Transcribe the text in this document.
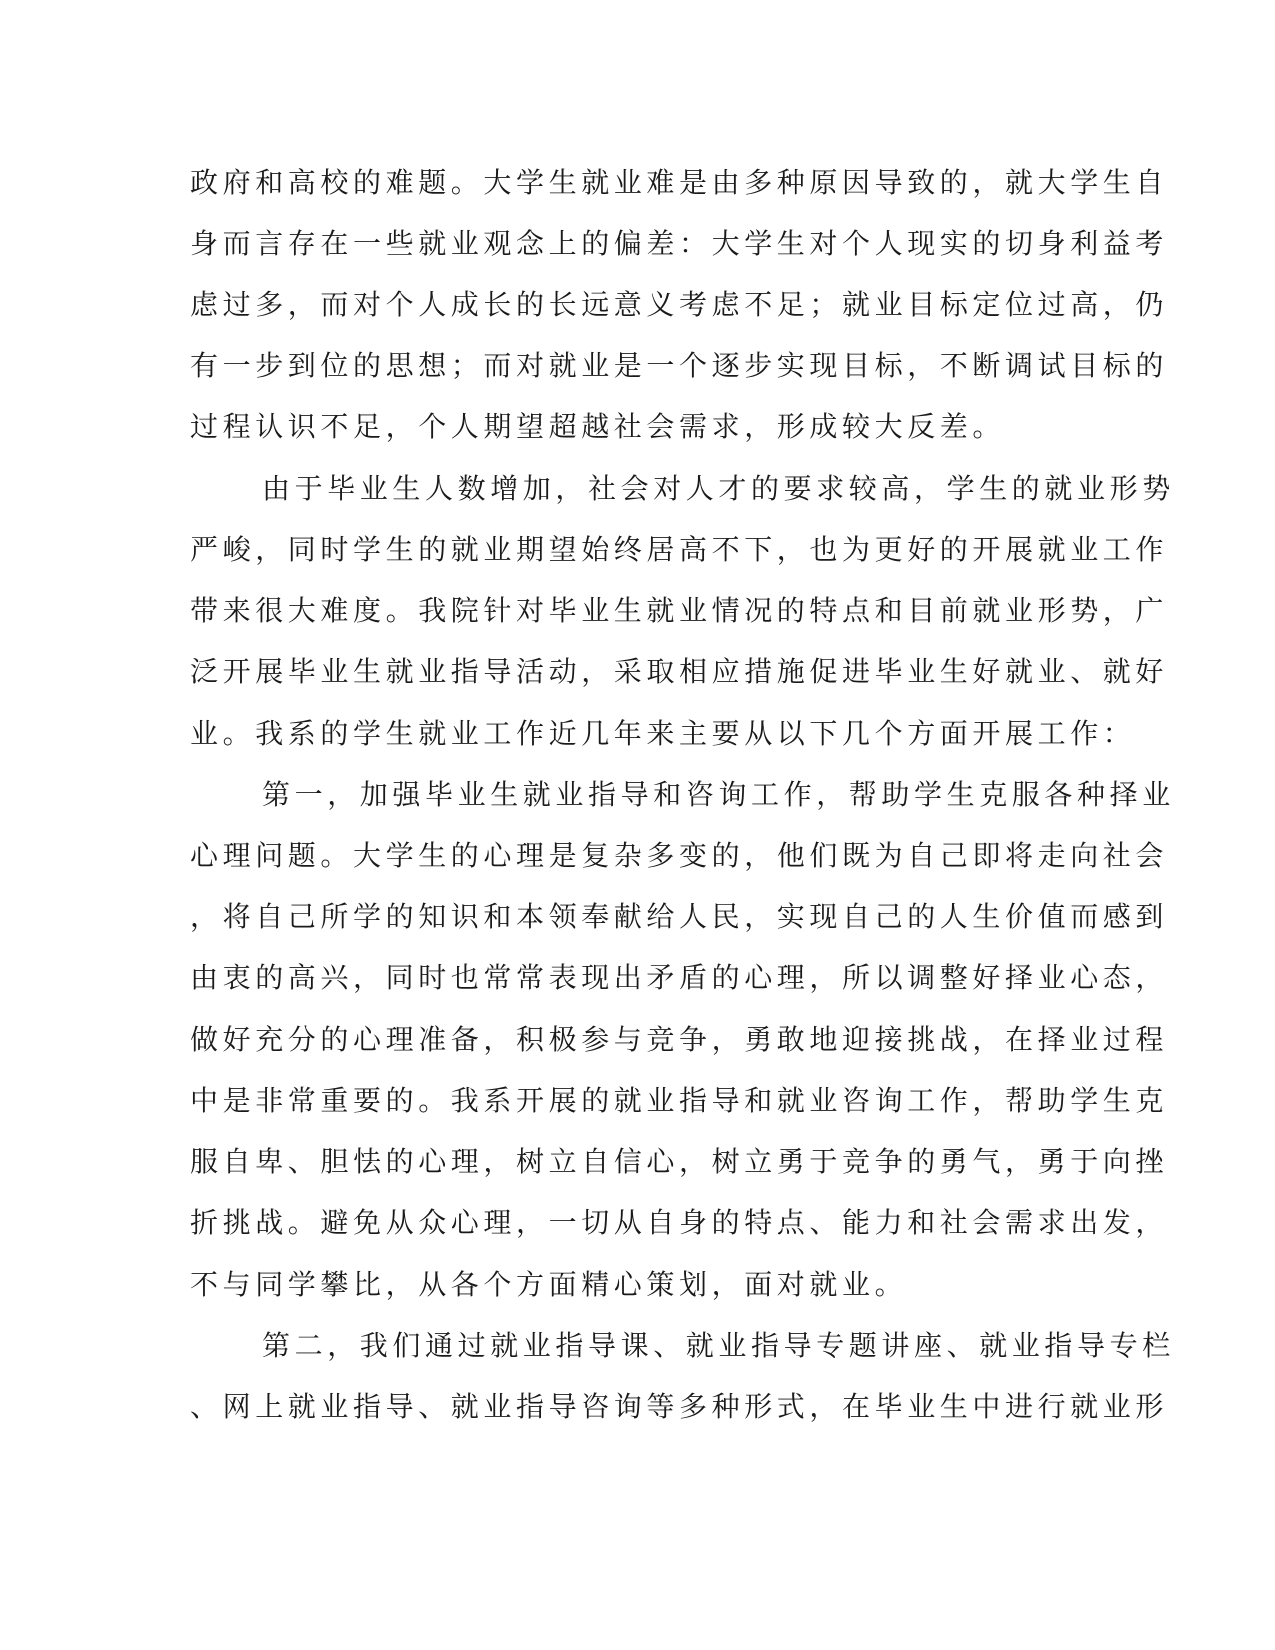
政府和高校的难题。大学生就业难是由多种原因导致的，就大学生自
身而言存在一些就业观念上的偏差：大学生对个人现实的切身利益考
虑过多，而对个人成长的长远意义考虑不足；就业目标定位过高，仍
有一步到位的思想；而对就业是一个逐步实现目标，不断调试目标的
过程认识不足，个人期望超越社会需求，形成较大反差。
由于毕业生人数增加，社会对人才的要求较高，学生的就业形势
严峻，同时学生的就业期望始终居高不下，也为更好的开展就业工作
带来很大难度。我院针对毕业生就业情况的特点和目前就业形势，广
泛开展毕业生就业指导活动，采取相应措施促进毕业生好就业、就好
业。我系的学生就业工作近几年来主要从以下几个方面开展工作：
第一，加强毕业生就业指导和咨询工作，帮助学生克服各种择业
心理问题。大学生的心理是复杂多变的，他们既为自己即将走向社会
，将自己所学的知识和本领奉献给人民，实现自己的人生价值而感到
由衷的高兴，同时也常常表现出矛盾的心理，所以调整好择业心态，
做好充分的心理准备，积极参与竞争，勇敢地迎接挑战，在择业过程
中是非常重要的。我系开展的就业指导和就业咨询工作，帮助学生克
服自卑、胆怯的心理，树立自信心，树立勇于竞争的勇气，勇于向挫
折挑战。避免从众心理，一切从自身的特点、能力和社会需求出发，
不与同学攀比，从各个方面精心策划，面对就业。
第二，我们通过就业指导课、就业指导专题讲座、就业指导专栏
、网上就业指导、就业指导咨询等多种形式，在毕业生中进行就业形
